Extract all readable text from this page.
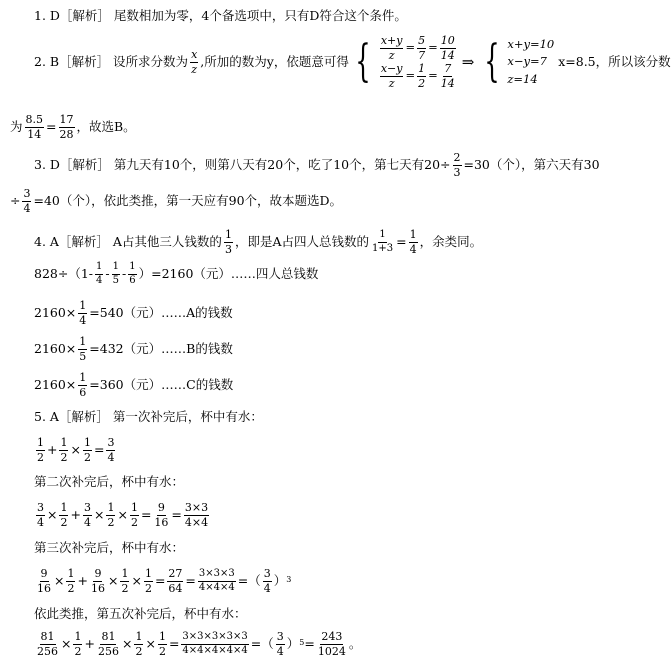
1. D［解析］ 尾数相加为零，4个备选项中，只有D符合这个条件。
2. B［解析］ 设所求分数为 x
z
,所加的数为y，依题意可得 { $\frac{x+y}{z} = \frac{5}{7} = \frac{10}{14}$
$\frac{x-y}{z} = \frac{1}{2} = \frac{7}{14}$
⇒ { x+y=10
x−y=7
z=14
x=8.5，所以该分数
为 $\frac{8.5}{14} = \frac{17}{28}$ ，故选B。
3. D［解析］ 第九天有10个，则第八天有20个，吃了10个，第七天有$20\div \frac{2}{3} =30$（个），第六天有30
÷ $\frac{3}{4} =40$（个），依此类推，第一天应有90个，故本题选D。
4. A［解析］ A占其他三人钱数的 1
3
，即是A占四人总钱数的 $\frac{1}{1+3} = \frac{1}{4}$ ，余类同。
828÷（1- 1
4 - 1
5 - 1
6 ）=2160（元）……四人总钱数
$2160\times \frac{1}{4} =540$（元）……A的钱数
$2160\times \frac{1}{5} =432$（元）……B的钱数
$2160\times \frac{1}{6} =360$（元）……C的钱数
5. A［解析］ 第一次补完后，杯中有水：
1
2
+ $\frac{1}{2} \times \frac{1}{2} = \frac{3}{4}$
第二次补完后，杯中有水：
$\frac{3}{4} \times \frac{1}{2} + \frac{3}{4} \times \frac{1}{2} \times \frac{1}{2} = \frac{9}{16} = \frac{3\times 3}{4\times 4}$
第三次补完后，杯中有水：
$\frac{9}{16} \times \frac{1}{2} + \frac{9}{16} \times \frac{1}{2} \times \frac{1}{2} = \frac{27}{64} = \frac{3\times 3\times 3}{4\times 4\times 4}$ =（ 3
4
） 3
依此类推，第五次补完后，杯中有水：
$\frac{81}{256} \times \frac{1}{2} + \frac{81}{256} \times \frac{1}{2} \times \frac{1}{2} = \frac{3\times 3\times 3\times 3\times 3}{4\times 4\times 4\times 4\times 4}$ =（ 3
4
） $5 = \frac{243}{1024}$ 。
